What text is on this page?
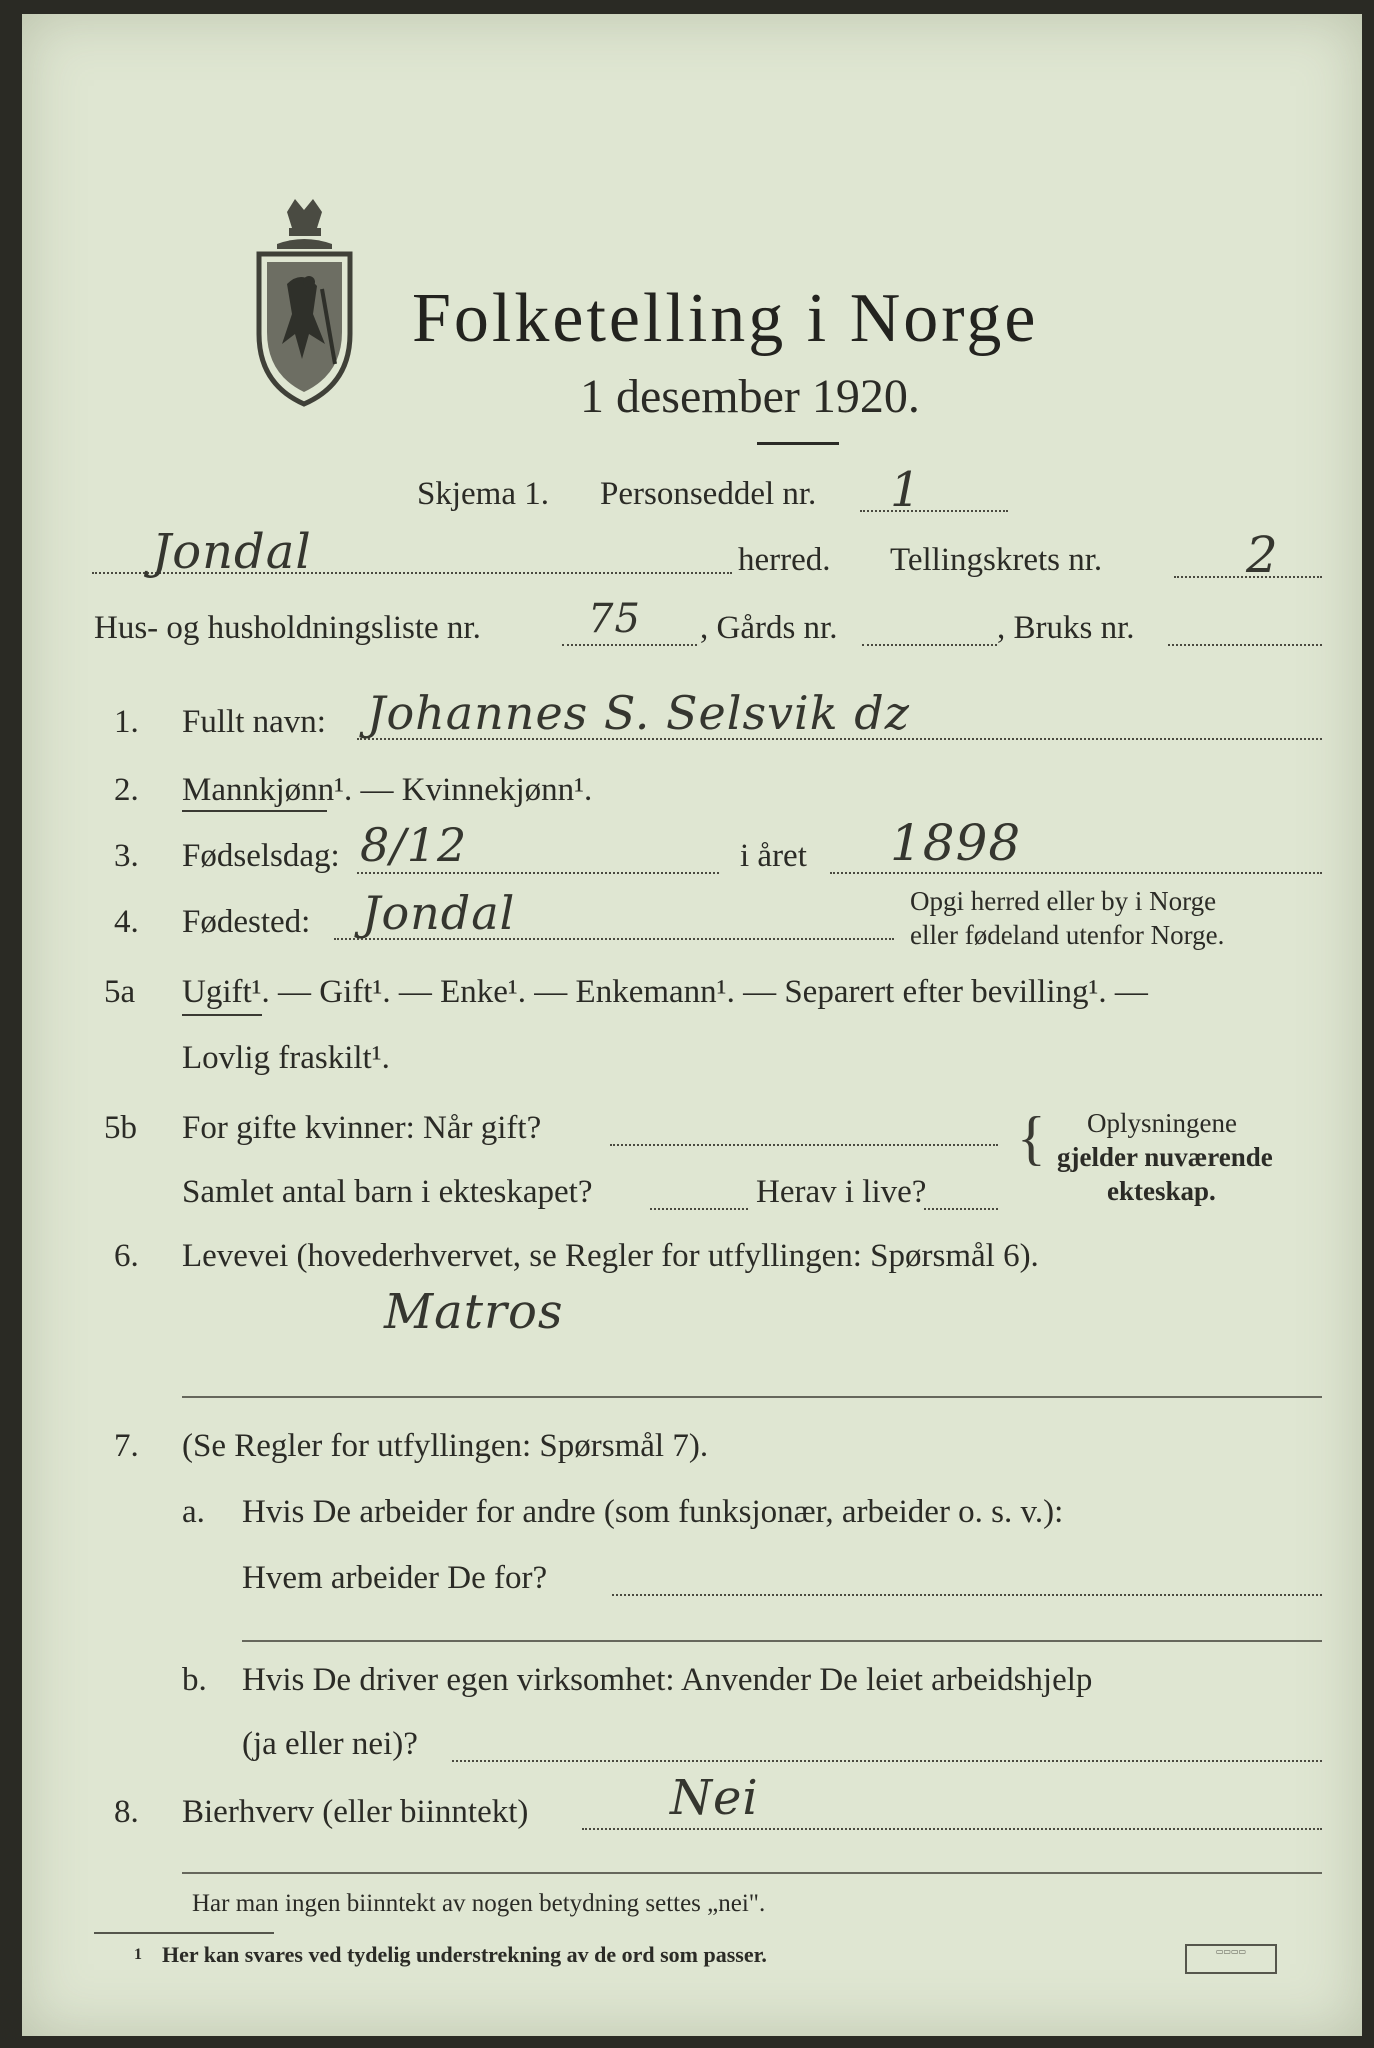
Folketelling i Norge
1 desember 1920.
Skjema 1. Personseddel nr. 1
Jondal	herred. Tellingskrets nr.	2
Hus- og husholdningsliste nr.	75 , Gårds nr.	, Bruks nr.
1. Fullt navn: Johannes S. Selsvik dz
2. Mannkjønn¹. — Kvinnekjønn¹.
3. Fødselsdag: 8/12	i året 1898
4. Fødested: Jondal	Opgi herred eller by i Norge
eller fødeland utenfor Norge.
5a Ugift¹. — Gift¹. — Enke¹. — Enkemann¹. — Separert efter bevilling¹. —
Lovlig fraskilt¹.
5b For gifte kvinner: Når gift?
Samlet antal barn i ekteskapet?	Herav i live?
{ Oplysningene
gjelder nuværende
ekteskap.
6. Levevei (hovederhvervet, se Regler for utfyllingen: Spørsmål 6).
Matros
7. (Se Regler for utfyllingen: Spørsmål 7).
a. Hvis De arbeider for andre (som funksjonær, arbeider o. s. v.):
Hvem arbeider De for?
b. Hvis De driver egen virksomhet: Anvender De leiet arbeidshjelp
(ja eller nei)?
8. Bierhverv (eller biinntekt)	Nei
Har man ingen biinntekt av nogen betydning settes „nei".
1 Her kan svares ved tydelig understrekning av de ord som passer.	▭▭▭▭
